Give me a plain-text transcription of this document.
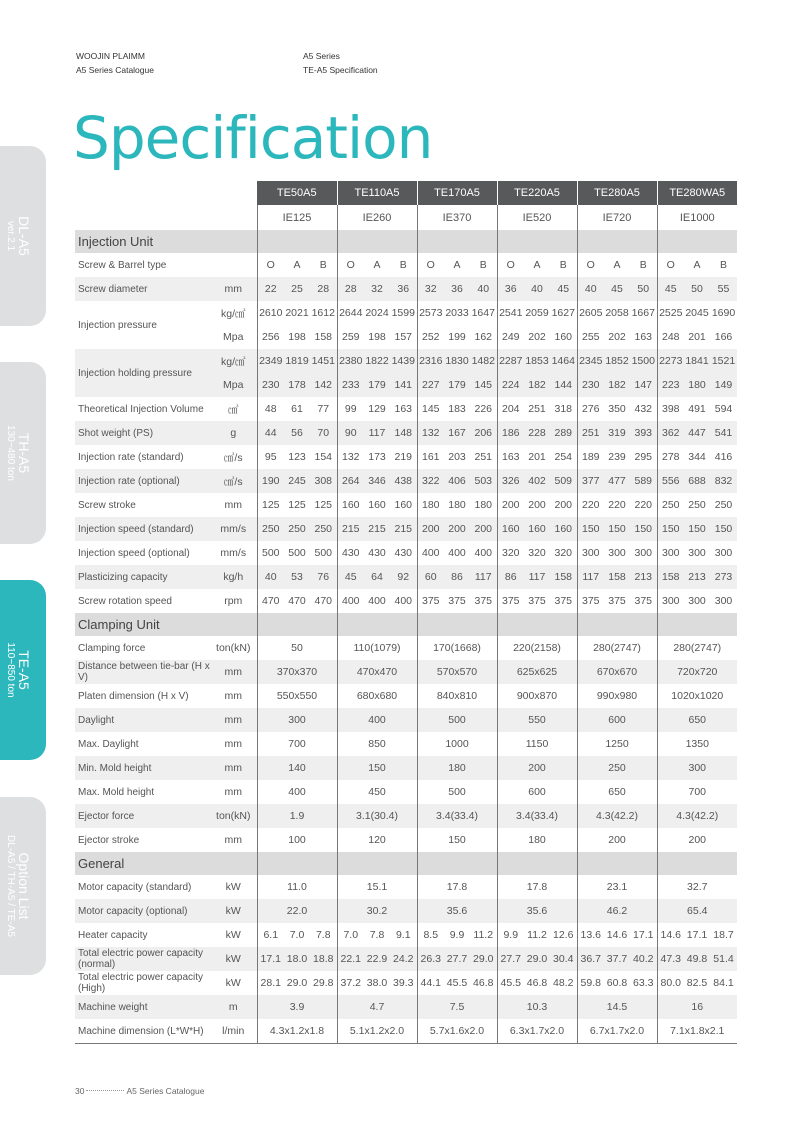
WOOJIN PLAIMM
A5 Series Catalogue
A5 Series
TE-A5 Specification
Specification
DL-A5
ver.2.1
TH-A5
130~480 ton
TE-A5
110~850 ton
Option List
DL-A5 / TH-A5 / TE-A5
		TE50A5			TE110A5			TE170A5			TE220A5			TE280A5			TE280WA5		
		IE125			IE260			IE370			IE520			IE720			IE1000		
Injection Unit																			
Screw & Barrel type		O	A	B	O	A	B	O	A	B	O	A	B	O	A	B	O	A	B
Screw diameter	mm	22	25	28	28	32	36	32	36	40	36	40	45	40	45	50	45	50	55
Injection pressure	kg/㎠	2610	2021	1612	2644	2024	1599	2573	2033	1647	2541	2059	1627	2605	2058	1667	2525	2045	1690
	Mpa	256	198	158	259	198	157	252	199	162	249	202	160	255	202	163	248	201	166
Injection holding pressure	kg/㎠	2349	1819	1451	2380	1822	1439	2316	1830	1482	2287	1853	1464	2345	1852	1500	2273	1841	1521
	Mpa	230	178	142	233	179	141	227	179	145	224	182	144	230	182	147	223	180	149
Theoretical Injection Volume	㎤	48	61	77	99	129	163	145	183	226	204	251	318	276	350	432	398	491	594
Shot weight (PS)	g	44	56	70	90	117	148	132	167	206	186	228	289	251	319	393	362	447	541
Injection rate (standard)	㎤/s	95	123	154	132	173	219	161	203	251	163	201	254	189	239	295	278	344	416
Injection rate (optional)	㎤/s	190	245	308	264	346	438	322	406	503	326	402	509	377	477	589	556	688	832
Screw stroke	mm	125	125	125	160	160	160	180	180	180	200	200	200	220	220	220	250	250	250
Injection speed (standard)	mm/s	250	250	250	215	215	215	200	200	200	160	160	160	150	150	150	150	150	150
Injection speed (optional)	mm/s	500	500	500	430	430	430	400	400	400	320	320	320	300	300	300	300	300	300
Plasticizing capacity	kg/h	40	53	76	45	64	92	60	86	117	86	117	158	117	158	213	158	213	273
Screw rotation speed	rpm	470	470	470	400	400	400	375	375	375	375	375	375	375	375	375	300	300	300
Clamping Unit																			
Clamping force	ton(kN)	50			110(1079)			170(1668)			220(2158)			280(2747)			280(2747)		
Distance between tie-bar (H x V)	mm	370x370			470x470			570x570			625x625			670x670			720x720		
Platen dimension (H x V)	mm	550x550			680x680			840x810			900x870			990x980			1020x1020		
Daylight	mm	300			400			500			550			600			650		
Max. Daylight	mm	700			850			1000			1150			1250			1350		
Min. Mold height	mm	140			150			180			200			250			300		
Max. Mold height	mm	400			450			500			600			650			700		
Ejector force	ton(kN)	1.9			3.1(30.4)			3.4(33.4)			3.4(33.4)			4.3(42.2)			4.3(42.2)		
Ejector stroke	mm	100			120			150			180			200			200		
General																			
Motor capacity (standard)	kW	11.0			15.1			17.8			17.8			23.1			32.7		
Motor capacity (optional)	kW	22.0			30.2			35.6			35.6			46.2			65.4		
Heater capacity	kW	6.1	7.0	7.8	7.0	7.8	9.1	8.5	9.9	11.2	9.9	11.2	12.6	13.6	14.6	17.1	14.6	17.1	18.7
Total electric power capacity (normal)	kW	17.1	18.0	18.8	22.1	22.9	24.2	26.3	27.7	29.0	27.7	29.0	30.4	36.7	37.7	40.2	47.3	49.8	51.4
Total electric power capacity (High)	kW	28.1	29.0	29.8	37.2	38.0	39.3	44.1	45.5	46.8	45.5	46.8	48.2	59.8	60.8	63.3	80.0	82.5	84.1
Machine weight	m	3.9			4.7			7.5			10.3			14.5			16		
Machine dimension (L*W*H)	l/min	4.3x1.2x1.8			5.1x1.2x2.0			5.7x1.6x2.0			6.3x1.7x2.0			6.7x1.7x2.0			7.1x1.8x2.1		
30	A5 Series Catalogue
